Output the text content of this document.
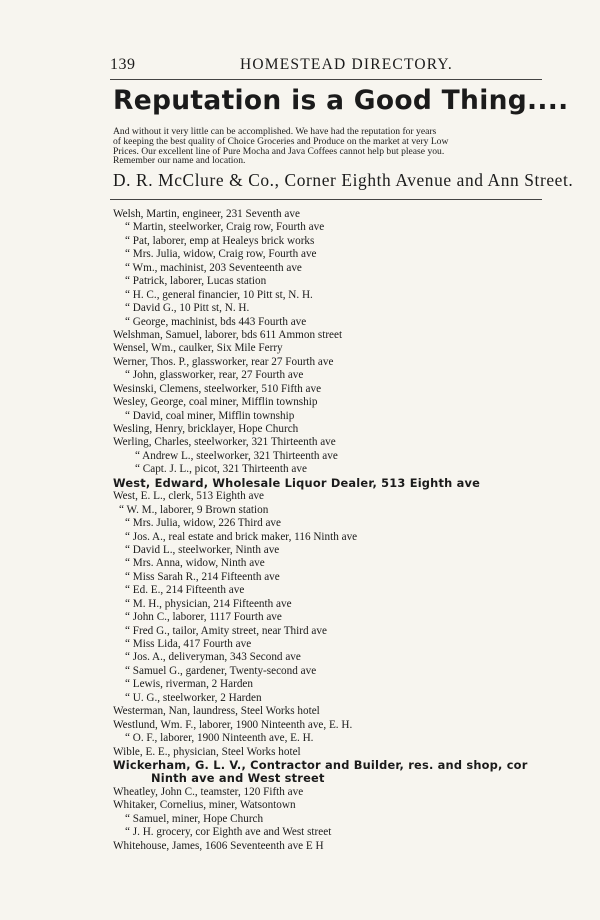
139	HOMESTEAD DIRECTORY.
Reputation is a Good Thing....
And without it very little can be accomplished. We have had the reputation for years
of keeping the best quality of Choice Groceries and Produce on the market at very Low
Prices. Our excellent line of Pure Mocha and Java Coffees cannot help but please you.
Remember our name and location.
D. R. McClure & Co., Corner Eighth Avenue and Ann Street.
Welsh, Martin, engineer, 231 Seventh ave
“ Martin, steelworker, Craig row, Fourth ave
“ Pat, laborer, emp at Healeys brick works
“ Mrs. Julia, widow, Craig row, Fourth ave
“ Wm., machinist, 203 Seventeenth ave
“ Patrick, laborer, Lucas station
“ H. C., general financier, 10 Pitt st, N. H.
“ David G., 10 Pitt st, N. H.
“ George, machinist, bds 443 Fourth ave
Welshman, Samuel, laborer, bds 611 Ammon street
Wensel, Wm., caulker, Six Mile Ferry
Werner, Thos. P., glassworker, rear 27 Fourth ave
“ John, glassworker, rear, 27 Fourth ave
Wesinski, Clemens, steelworker, 510 Fifth ave
Wesley, George, coal miner, Mifflin township
“ David, coal miner, Mifflin township
Wesling, Henry, bricklayer, Hope Church
Werling, Charles, steelworker, 321 Thirteenth ave
“ Andrew L., steelworker, 321 Thirteenth ave
“ Capt. J. L., picot, 321 Thirteenth ave
West, Edward, Wholesale Liquor Dealer, 513 Eighth ave
West, E. L., clerk, 513 Eighth ave
“ W. M., laborer, 9 Brown station
“ Mrs. Julia, widow, 226 Third ave
“ Jos. A., real estate and brick maker, 116 Ninth ave
“ David L., steelworker, Ninth ave
“ Mrs. Anna, widow, Ninth ave
“ Miss Sarah R., 214 Fifteenth ave
“ Ed. E., 214 Fifteenth ave
“ M. H., physician, 214 Fifteenth ave
“ John C., laborer, 1117 Fourth ave
“ Fred G., tailor, Amity street, near Third ave
“ Miss Lida, 417 Fourth ave
“ Jos. A., deliveryman, 343 Second ave
“ Samuel G., gardener, Twenty-second ave
“ Lewis, riverman, 2 Harden
“ U. G., steelworker, 2 Harden
Westerman, Nan, laundress, Steel Works hotel
Westlund, Wm. F., laborer, 1900 Ninteenth ave, E. H.
“ O. F., laborer, 1900 Ninteenth ave, E. H.
Wible, E. E., physician, Steel Works hotel
Wickerham, G. L. V., Contractor and Builder, res. and shop, cor
Ninth ave and West street
Wheatley, John C., teamster, 120 Fifth ave
Whitaker, Cornelius, miner, Watsontown
“ Samuel, miner, Hope Church
“ J. H. grocery, cor Eighth ave and West street
Whitehouse, James, 1606 Seventeenth ave E H
